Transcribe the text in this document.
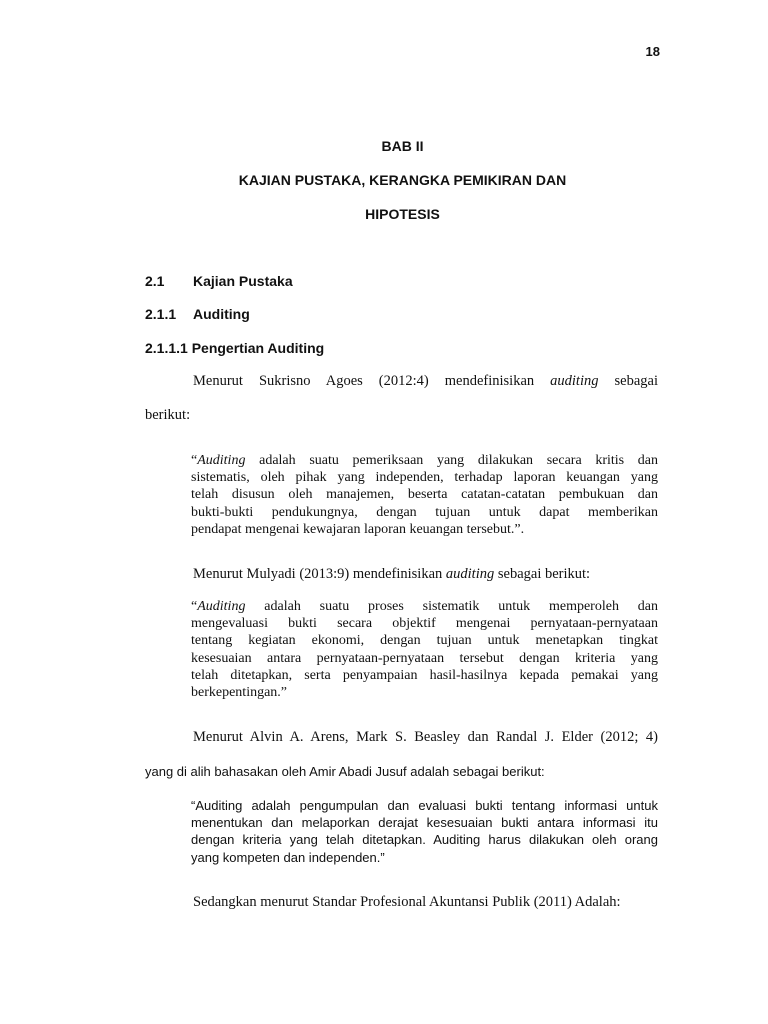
18
BAB II
KAJIAN PUSTAKA, KERANGKA PEMIKIRAN DAN
HIPOTESIS
2.1 Kajian Pustaka
2.1.1 Auditing
2.1.1.1 Pengertian Auditing
Menurut Sukrisno Agoes (2012:4) mendefinisikan auditing sebagai
berikut:
“Auditing adalah suatu pemeriksaan yang dilakukan secara kritis dan
sistematis, oleh pihak yang independen, terhadap laporan keuangan yang
telah disusun oleh manajemen, beserta catatan-catatan pembukuan dan
bukti-bukti pendukungnya, dengan tujuan untuk dapat memberikan
pendapat mengenai kewajaran laporan keuangan tersebut.”.
Menurut Mulyadi (2013:9) mendefinisikan auditing sebagai berikut:
“Auditing adalah suatu proses sistematik untuk memperoleh dan
mengevaluasi bukti secara objektif mengenai pernyataan-pernyataan
tentang kegiatan ekonomi, dengan tujuan untuk menetapkan tingkat
kesesuaian antara pernyataan-pernyataan tersebut dengan kriteria yang
telah ditetapkan, serta penyampaian hasil-hasilnya kepada pemakai yang
berkepentingan.”
Menurut Alvin A. Arens, Mark S. Beasley dan Randal J. Elder (2012; 4)
yang di alih bahasakan oleh Amir Abadi Jusuf adalah sebagai berikut:
“Auditing adalah pengumpulan dan evaluasi bukti tentang informasi untuk
menentukan dan melaporkan derajat kesesuaian bukti antara informasi itu
dengan kriteria yang telah ditetapkan. Auditing harus dilakukan oleh orang
yang kompeten dan independen.”
Sedangkan menurut Standar Profesional Akuntansi Publik (2011) Adalah:
